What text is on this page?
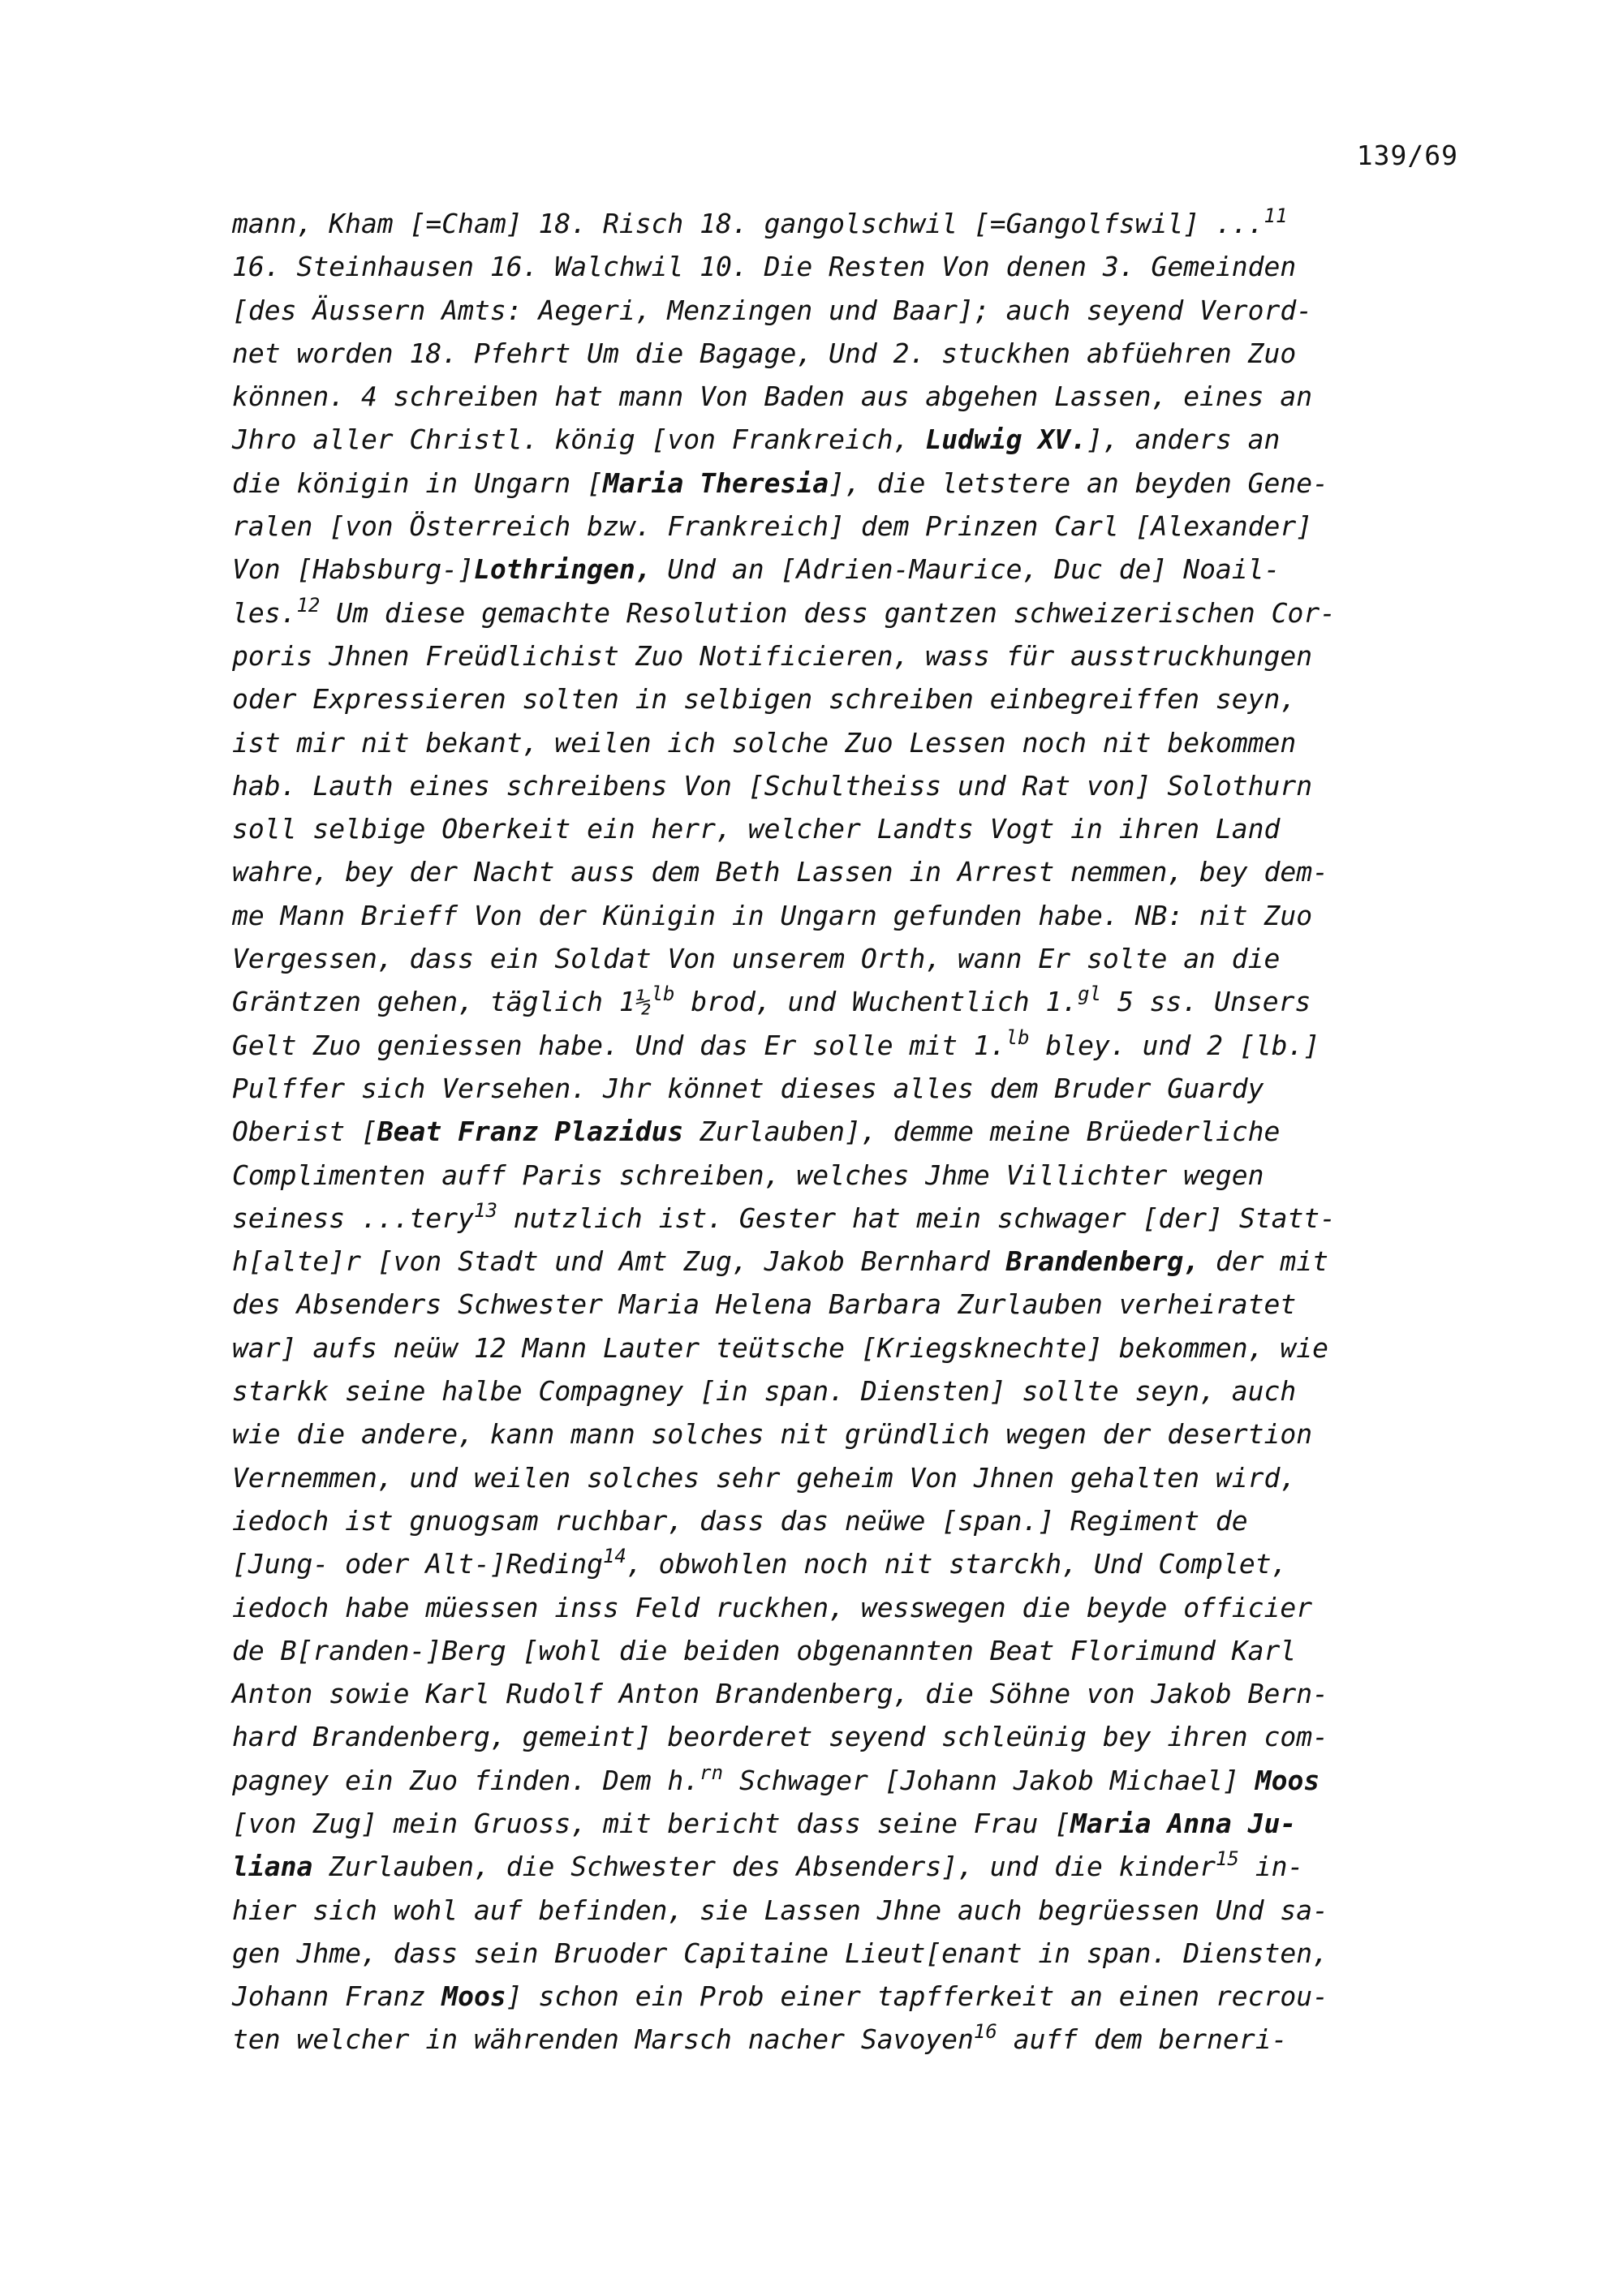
139/69
mann, Kham [=Cham] 18. Risch 18. gangolschwil [=Gangolfswil] ...$^{11}$
16. Steinhausen 16. Walchwil 10. Die Resten Von denen 3. Gemeinden
[des Äussern Amts: Aegeri, Menzingen und Baar]; auch seyend Verord-
net worden 18. Pfehrt Um die Bagage, Und 2. stuckhen abfüehren Zuo
können. 4 schreiben hat mann Von Baden aus abgehen Lassen, eines an
Jhro aller Christl. könig [von Frankreich, Ludwig XV.], anders an
die königin in Ungarn [Maria Theresia], die letstere an beyden Gene-
ralen [von Österreich bzw. Frankreich] dem Prinzen Carl [Alexander]
Von [Habsburg-]Lothringen, Und an [Adrien-Maurice, Duc de] Noail-
les.$^{12}$ Um diese gemachte Resolution dess gantzen schweizerischen Cor-
poris Jhnen Freüdlichist Zuo Notificieren, wass für ausstruckhungen
oder Expressieren solten in selbigen schreiben einbegreiffen seyn,
ist mir nit bekant, weilen ich solche Zuo Lessen noch nit bekommen
hab. Lauth eines schreibens Von [Schultheiss und Rat von] Solothurn
soll selbige Oberkeit ein herr, welcher Landts Vogt in ihren Land
wahre, bey der Nacht auss dem Beth Lassen in Arrest nemmen, bey dem-
me Mann Brieff Von der Künigin in Ungarn gefunden habe. NB: nit Zuo
Vergessen, dass ein Soldat Von unserem Orth, wann Er solte an die
Gräntzen gehen, täglich 1½$^{lb}$ brod, und Wuchentlich 1.$^{gl}$ 5 ss. Unsers
Gelt Zuo geniessen habe. Und das Er solle mit 1.$^{lb}$ bley. und 2 [lb.]
Pulffer sich Versehen. Jhr könnet dieses alles dem Bruder Guardy
Oberist [Beat Franz Plazidus Zurlauben], demme meine Brüederliche
Complimenten auff Paris schreiben, welches Jhme Villichter wegen
seiness ...tery$^{13}$ nutzlich ist. Gester hat mein schwager [der] Statt-
h[alte]r [von Stadt und Amt Zug, Jakob Bernhard Brandenberg, der mit
des Absenders Schwester Maria Helena Barbara Zurlauben verheiratet
war] aufs neüw 12 Mann Lauter teütsche [Kriegsknechte] bekommen, wie
starkk seine halbe Compagney [in span. Diensten] sollte seyn, auch
wie die andere, kann mann solches nit gründlich wegen der desertion
Vernemmen, und weilen solches sehr geheim Von Jhnen gehalten wird,
iedoch ist gnuogsam ruchbar, dass das neüwe [span.] Regiment de
[Jung- oder Alt-]Reding$^{14}$, obwohlen noch nit starckh, Und Complet,
iedoch habe müessen inss Feld ruckhen, wesswegen die beyde officier
de B[randen-]Berg [wohl die beiden obgenannten Beat Florimund Karl
Anton sowie Karl Rudolf Anton Brandenberg, die Söhne von Jakob Bern-
hard Brandenberg, gemeint] beorderet seyend schleünig bey ihren com-
pagney ein Zuo finden. Dem h.$^{rn}$ Schwager [Johann Jakob Michael] Moos
[von Zug] mein Gruoss, mit bericht dass seine Frau [Maria Anna Ju-
liana Zurlauben, die Schwester des Absenders], und die kinder$^{15}$ in-
hier sich wohl auf befinden, sie Lassen Jhne auch begrüessen Und sa-
gen Jhme, dass sein Bruoder Capitaine Lieut[enant in span. Diensten,
Johann Franz Moos] schon ein Prob einer tapfferkeit an einen recrou-
ten welcher in währenden Marsch nacher Savoyen$^{16}$ auff dem berneri-
